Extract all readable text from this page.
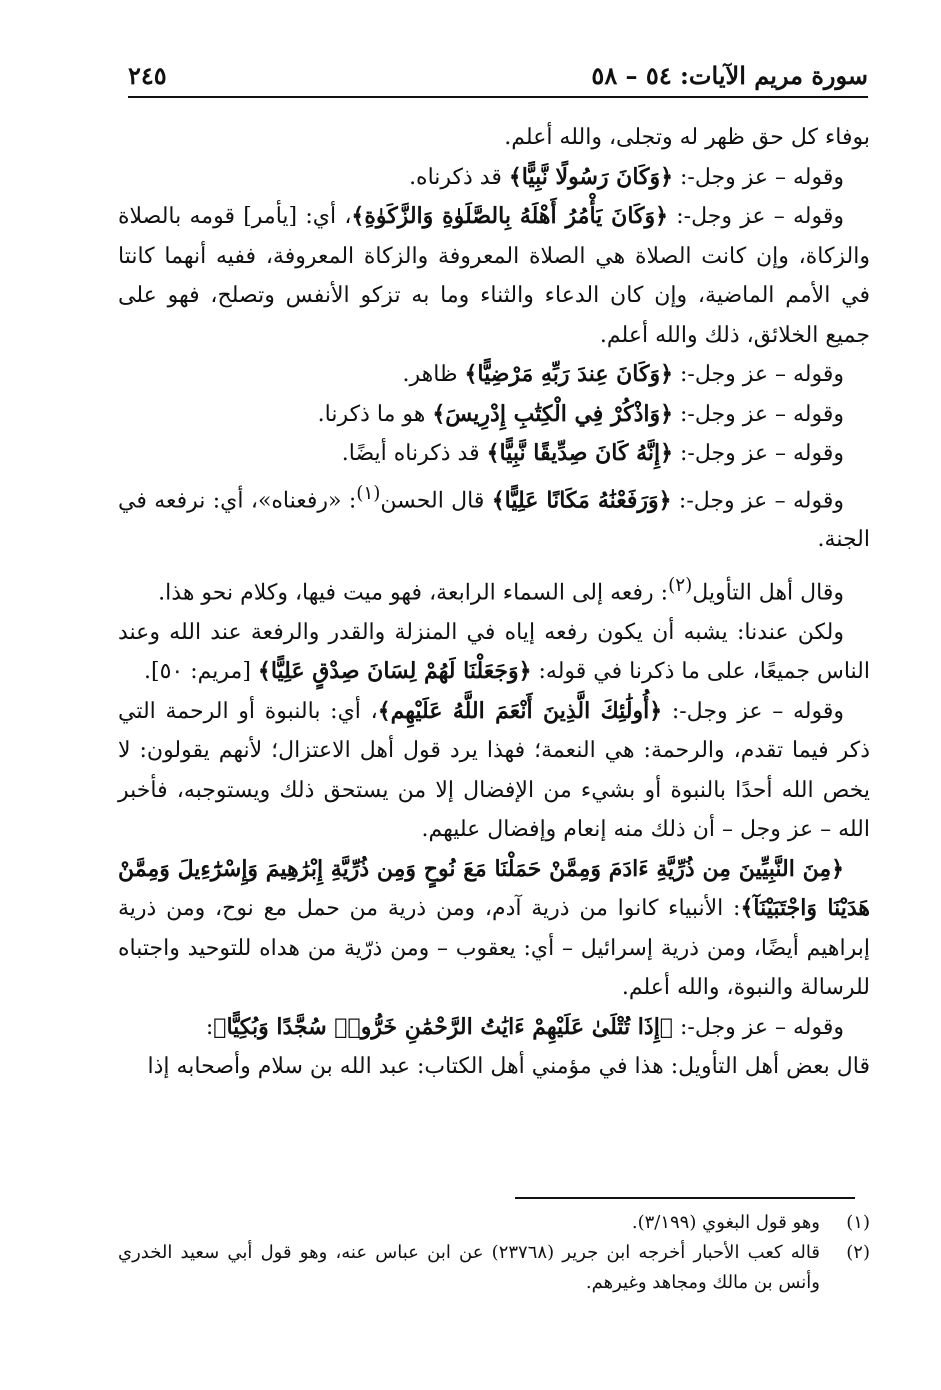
سورة مريم الآيات: ٥٤ – ٥٨
٢٤٥

بوفاء كل حق ظهر له وتجلى، والله أعلم.

وقوله – عز وجل-: ﴿وَكَانَ رَسُولًا نَّبِيًّا﴾ قد ذكرناه.

وقوله – عز وجل-: ﴿وَكَانَ يَأْمُرُ أَهْلَهُ بِالصَّلَوٰةِ وَالزَّكَوٰةِ﴾، أي: [يأمر] قومه بالصلاة والزكاة، وإن كانت الصلاة هي الصلاة المعروفة والزكاة المعروفة، ففيه أنهما كانتا في الأمم الماضية، وإن كان الدعاء والثناء وما به تزكو الأنفس وتصلح، فهو على جميع الخلائق، ذلك والله أعلم.

وقوله – عز وجل-: ﴿وَكَانَ عِندَ رَبِّهِ مَرْضِيًّا﴾ ظاهر.

وقوله – عز وجل-: ﴿وَاذْكُرْ فِي الْكِتَٰبِ إِدْرِيسَ﴾ هو ما ذكرنا.

وقوله – عز وجل-: ﴿إِنَّهُ كَانَ صِدِّيقًا نَّبِيًّا﴾ قد ذكرناه أيضًا.

وقوله – عز وجل-: ﴿وَرَفَعْنَٰهُ مَكَانًا عَلِيًّا﴾ قال الحسن$^{(١)}$: «رفعناه»، أي: نرفعه في الجنة.

وقال أهل التأويل$^{(٢)}$: رفعه إلى السماء الرابعة، فهو ميت فيها، وكلام نحو هذا.

ولكن عندنا: يشبه أن يكون رفعه إياه في المنزلة والقدر والرفعة عند الله وعند الناس جميعًا، على ما ذكرنا في قوله: ﴿وَجَعَلْنَا لَهُمْ لِسَانَ صِدْقٍ عَلِيًّا﴾ [مريم: ٥٠].

وقوله – عز وجل-: ﴿أُولَٰئِكَ الَّذِينَ أَنْعَمَ اللَّهُ عَلَيْهِم﴾، أي: بالنبوة أو الرحمة التي ذكر فيما تقدم، والرحمة: هي النعمة؛ فهذا يرد قول أهل الاعتزال؛ لأنهم يقولون: لا يخص الله أحدًا بالنبوة أو بشيء من الإفضال إلا من يستحق ذلك ويستوجبه، فأخبر الله – عز وجل – أن ذلك منه إنعام وإفضال عليهم.

﴿مِنَ النَّبِيِّينَ مِن ذُرِّيَّةِ ءَادَمَ وَمِمَّنْ حَمَلْنَا مَعَ نُوحٍ وَمِن ذُرِّيَّةِ إِبْرَٰهِيمَ وَإِسْرَٰٓءِيلَ وَمِمَّنْ هَدَيْنَا وَاجْتَبَيْنَآ﴾: الأنبياء كانوا من ذرية آدم، ومن ذرية من حمل مع نوح، ومن ذرية إبراهيم أيضًا، ومن ذرية إسرائيل – أي: يعقوب – ومن ذرّية من هداه للتوحيد واجتباه للرسالة والنبوة، والله أعلم.

وقوله – عز وجل-: ﴿إِذَا تُتْلَىٰ عَلَيْهِمْ ءَايَٰتُ الرَّحْمَٰنِ خَرُّوا۟ سُجَّدًا وَبُكِيًّا﴾:

قال بعض أهل التأويل: هذا في مؤمني أهل الكتاب: عبد الله بن سلام وأصحابه إذا

(١)
وهو قول البغوي (٣/١٩٩).

(٢)
قاله كعب الأحبار أخرجه ابن جرير (٢٣٧٦٨) عن ابن عباس عنه، وهو قول أبي سعيد الخدري وأنس بن مالك ومجاهد وغيرهم.
